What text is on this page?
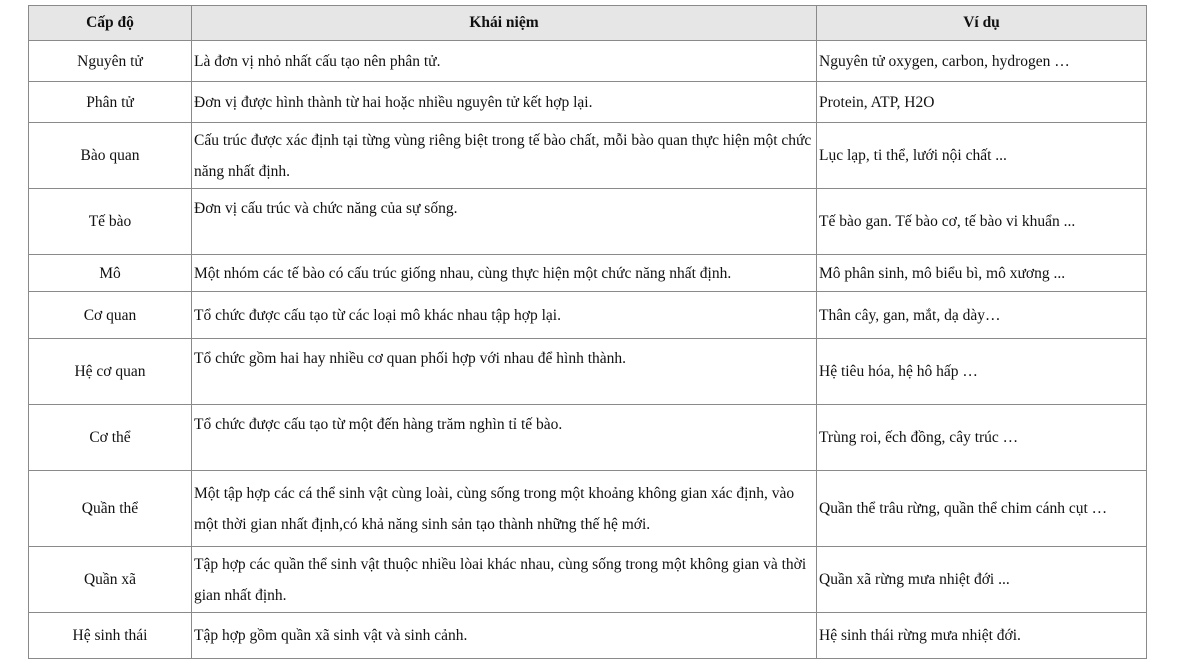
Cấp độ	Khái niệm	Ví dụ
Nguyên tử	Là đơn vị nhỏ nhất cấu tạo nên phân tử.	Nguyên tử oxygen, carbon, hydrogen …
Phân tử	Đơn vị được hình thành từ hai hoặc nhiều nguyên tử kết hợp lại.	Protein, ATP, H2O
Bào quan	Cấu trúc được xác định tại từng vùng riêng biệt trong tế bào chất, mỗi bào quan thực hiện một chức năng nhất định.	Lục lạp, ti thể, lưới nội chất ...
Tế bào	Đơn vị cấu trúc và chức năng của sự sống.	Tế bào gan. Tế bào cơ, tế bào vi khuẩn ...
Mô	Một nhóm các tế bào có cấu trúc giống nhau, cùng thực hiện một chức năng nhất định.	Mô phân sinh, mô biểu bì, mô xương ...
Cơ quan	Tổ chức được cấu tạo từ các loại mô khác nhau tập hợp lại.	Thân cây, gan, mắt, dạ dày…
Hệ cơ quan	Tổ chức gồm hai hay nhiều cơ quan phối hợp với nhau để hình thành.	Hệ tiêu hóa, hệ hô hấp …
Cơ thể	Tổ chức được cấu tạo từ một đến hàng trăm nghìn tỉ tế bào.	Trùng roi, ếch đồng, cây trúc …
Quần thể	Một tập hợp các cá thể sinh vật cùng loài, cùng sống trong một khoảng không gian xác định, vào một thời gian nhất định,có khả năng sinh sản tạo thành những thế hệ mới.	Quần thể trâu rừng, quần thể chim cánh cụt …
Quần xã	Tập hợp các quần thể sinh vật thuộc nhiều lòai khác nhau, cùng sống trong một không gian và thời gian nhất định.	Quần xã rừng mưa nhiệt đới ...
Hệ sinh thái	Tập hợp gồm quần xã sinh vật và sinh cảnh.	Hệ sinh thái rừng mưa nhiệt đới.
